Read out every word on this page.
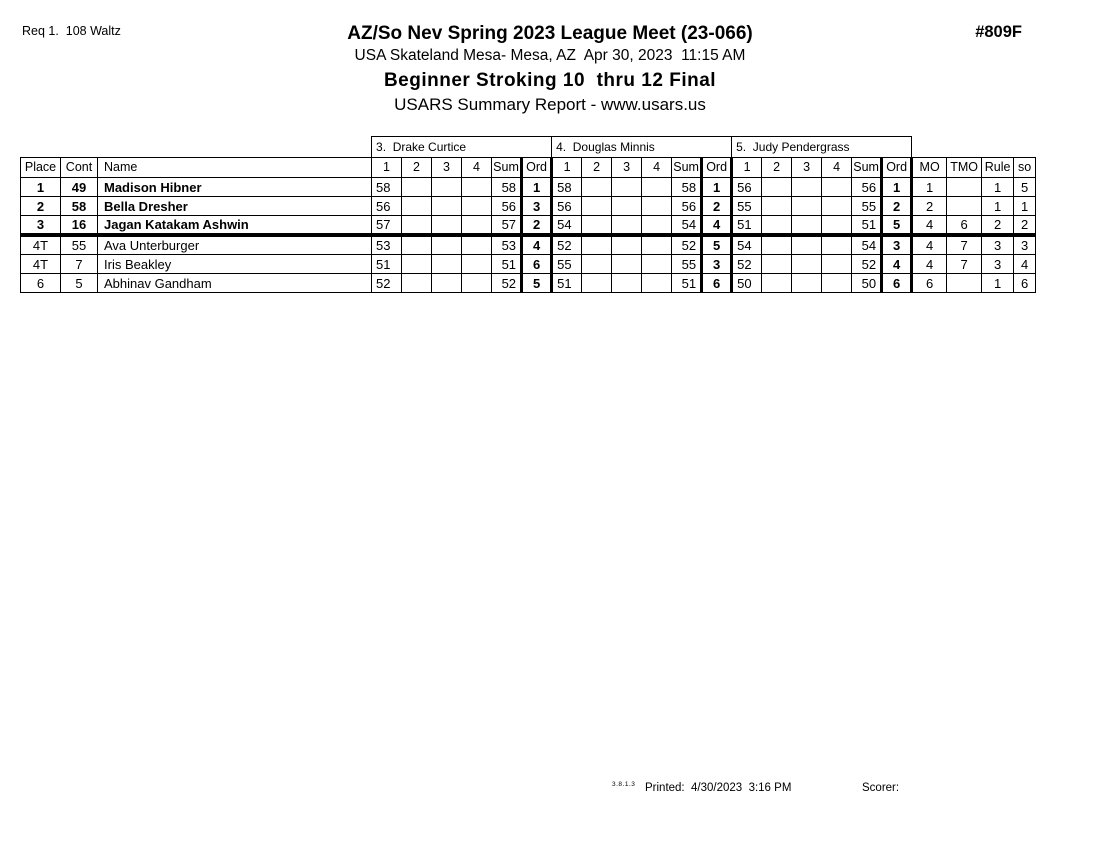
Req 1.  108 Waltz	AZ/So Nev Spring 2023 League Meet (23-066)
USA Skateland Mesa- Mesa, AZ  Apr 30, 2023  11:15 AM
Beginner Stroking 10  thru 12 Final
USARS Summary Report - www.usars.us
#809F
			3.  Drake Curtice						4.  Douglas Minnis						5.  Judy Pendergrass									
Place	Cont	Name	1	2	3	4	Sum	Ord	1	2	3	4	Sum	Ord	1	2	3	4	Sum	Ord	MO	TMO	Rule	so
1	49	Madison Hibner	58				58	1	58				58	1	56				56	1	1		1	5
2	58	Bella Dresher	56				56	3	56				56	2	55				55	2	2		1	1
3	16	Jagan Katakam Ashwin	57				57	2	54				54	4	51				51	5	4	6	2	2
4T	55	Ava Unterburger	53				53	4	52				52	5	54				54	3	4	7	3	3
4T	7	Iris Beakley	51				51	6	55				55	3	52				52	4	4	7	3	4
6	5	Abhinav Gandham	52				52	5	51				51	6	50				50	6	6		1	6
3.8.1.3 Printed:  4/30/2023  3:16 PM	Scorer:
